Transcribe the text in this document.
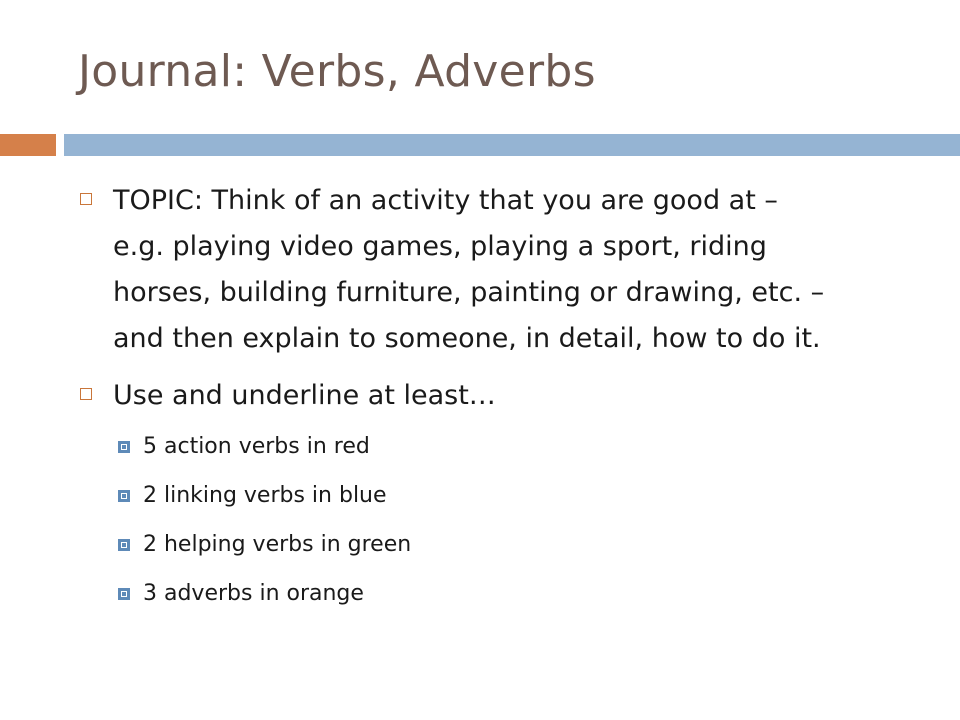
Journal: Verbs, Adverbs
TOPIC: Think of an activity that you are good at –
e.g. playing video games, playing a sport, riding
horses, building furniture, painting or drawing, etc. –
and then explain to someone, in detail, how to do it.
Use and underline at least…
5 action verbs in red
2 linking verbs in blue
2 helping verbs in green
3 adverbs in orange
